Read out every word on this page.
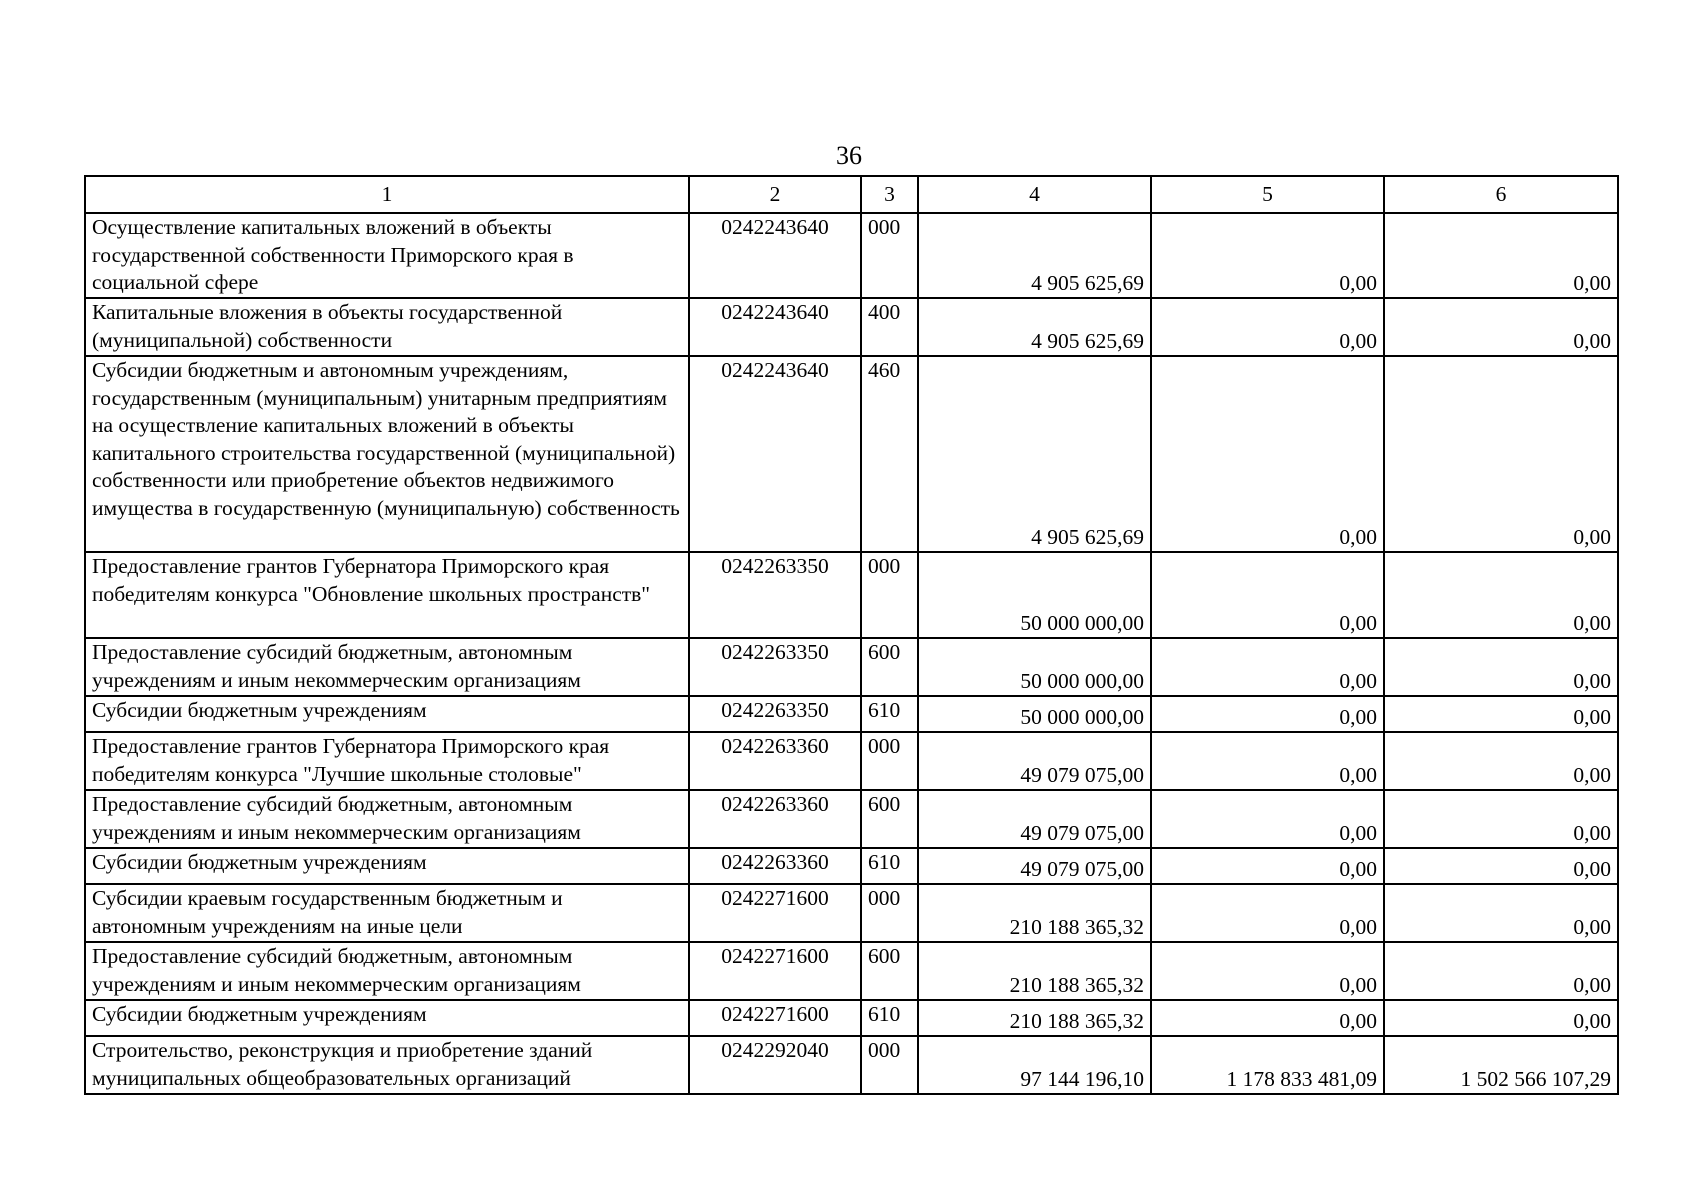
36
1	2	3	4	5	6
Осуществление капитальных вложений в объекты государственной собственности Приморского края в социальной сфере	0242243640	000	4 905 625,69	0,00	0,00
Капитальные вложения в объекты государственной (муниципальной) собственности	0242243640	400	4 905 625,69	0,00	0,00
Субсидии бюджетным и автономным учреждениям, государственным (муниципальным) унитарным предприятиям на осуществление капитальных вложений в объекты капитального строительства государственной (муниципальной) собственности или приобретение объектов недвижимого имущества в государственную (муниципальную) собственность	0242243640	460	4 905 625,69	0,00	0,00
Предоставление грантов Губернатора Приморского края победителям конкурса "Обновление школьных пространств"	0242263350	000	50 000 000,00	0,00	0,00
Предоставление субсидий бюджетным, автономным учреждениям и иным некоммерческим организациям	0242263350	600	50 000 000,00	0,00	0,00
Субсидии бюджетным учреждениям	0242263350	610	50 000 000,00	0,00	0,00
Предоставление грантов Губернатора Приморского края победителям конкурса "Лучшие школьные столовые"	0242263360	000	49 079 075,00	0,00	0,00
Предоставление субсидий бюджетным, автономным учреждениям и иным некоммерческим организациям	0242263360	600	49 079 075,00	0,00	0,00
Субсидии бюджетным учреждениям	0242263360	610	49 079 075,00	0,00	0,00
Субсидии краевым государственным бюджетным и автономным учреждениям на иные цели	0242271600	000	210 188 365,32	0,00	0,00
Предоставление субсидий бюджетным, автономным учреждениям и иным некоммерческим организациям	0242271600	600	210 188 365,32	0,00	0,00
Субсидии бюджетным учреждениям	0242271600	610	210 188 365,32	0,00	0,00
Строительство, реконструкция и приобретение зданий муниципальных общеобразовательных организаций	0242292040	000	97 144 196,10	1 178 833 481,09	1 502 566 107,29
